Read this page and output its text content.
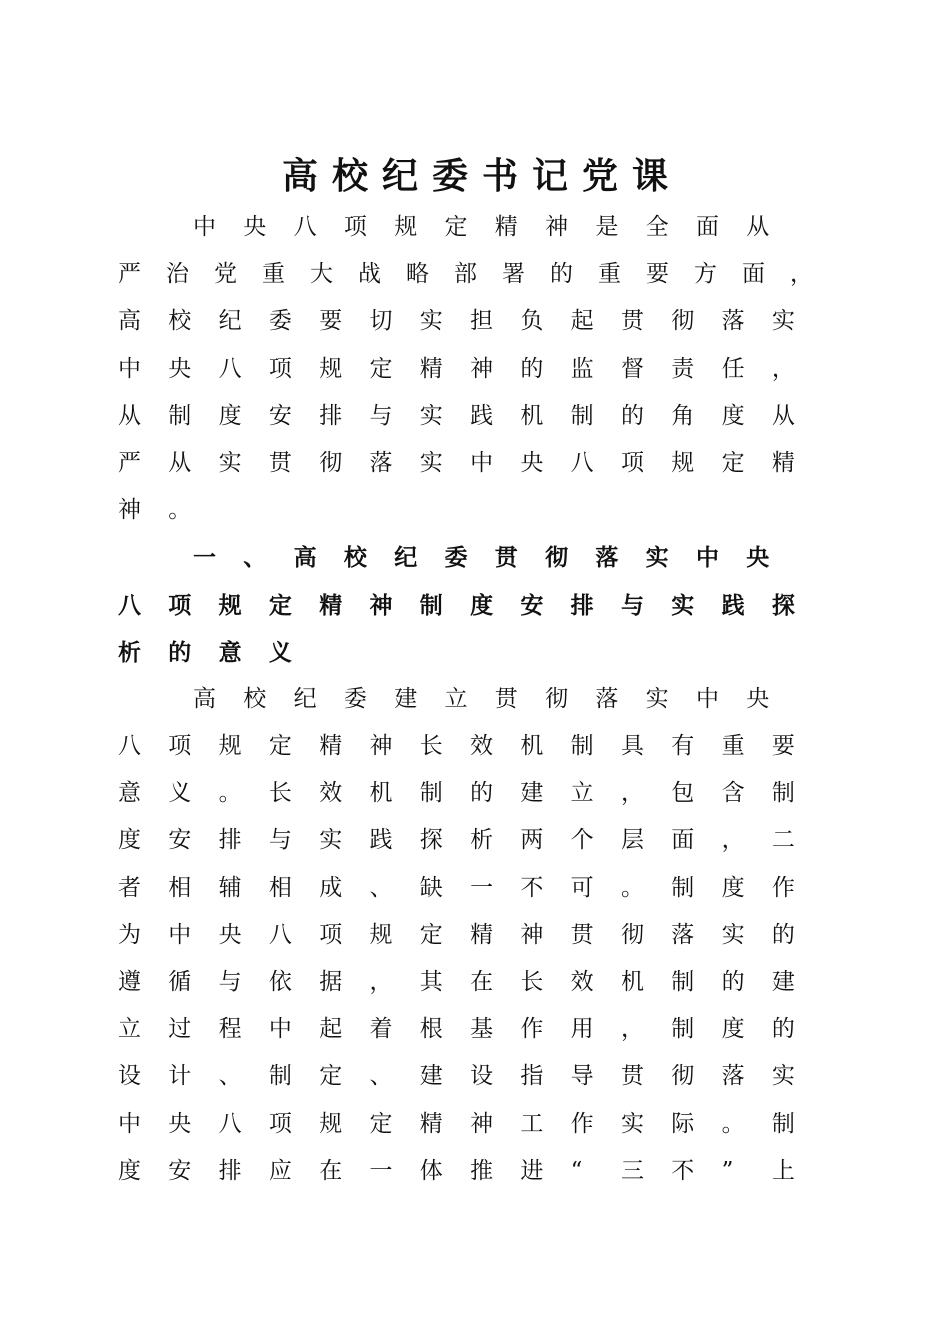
高校纪委书记党课
中	央	八	项	规	定	精	神	是	全	面	从
严	治	党	重	大	战	略	部	署	的	重	要	方	面	，
高	校	纪	委	要	切	实	担	负	起	贯	彻	落	实
中	央	八	项	规	定	精	神	的	监	督	责	任	，
从	制	度	安	排	与	实	践	机	制	的	角	度	从
严	从	实	贯	彻	落	实	中	央	八	项	规	定	精
神	。
一	、	高	校	纪	委	贯	彻	落	实	中	央
八	项	规	定	精	神	制	度	安	排	与	实	践	探
析	的	意	义
高	校	纪	委	建	立	贯	彻	落	实	中	央
八	项	规	定	精	神	长	效	机	制	具	有	重	要
意	义	。	长	效	机	制	的	建	立	，	包	含	制
度	安	排	与	实	践	探	析	两	个	层	面	，	二
者	相	辅	相	成	、	缺	一	不	可	。	制	度	作
为	中	央	八	项	规	定	精	神	贯	彻	落	实	的
遵	循	与	依	据	，	其	在	长	效	机	制	的	建
立	过	程	中	起	着	根	基	作	用	，	制	度	的
设	计	、	制	定	、	建	设	指	导	贯	彻	落	实
中	央	八	项	规	定	精	神	工	作	实	际	。	制
度	安	排	应	在	一	体	推	进	“	三	不	”	上
